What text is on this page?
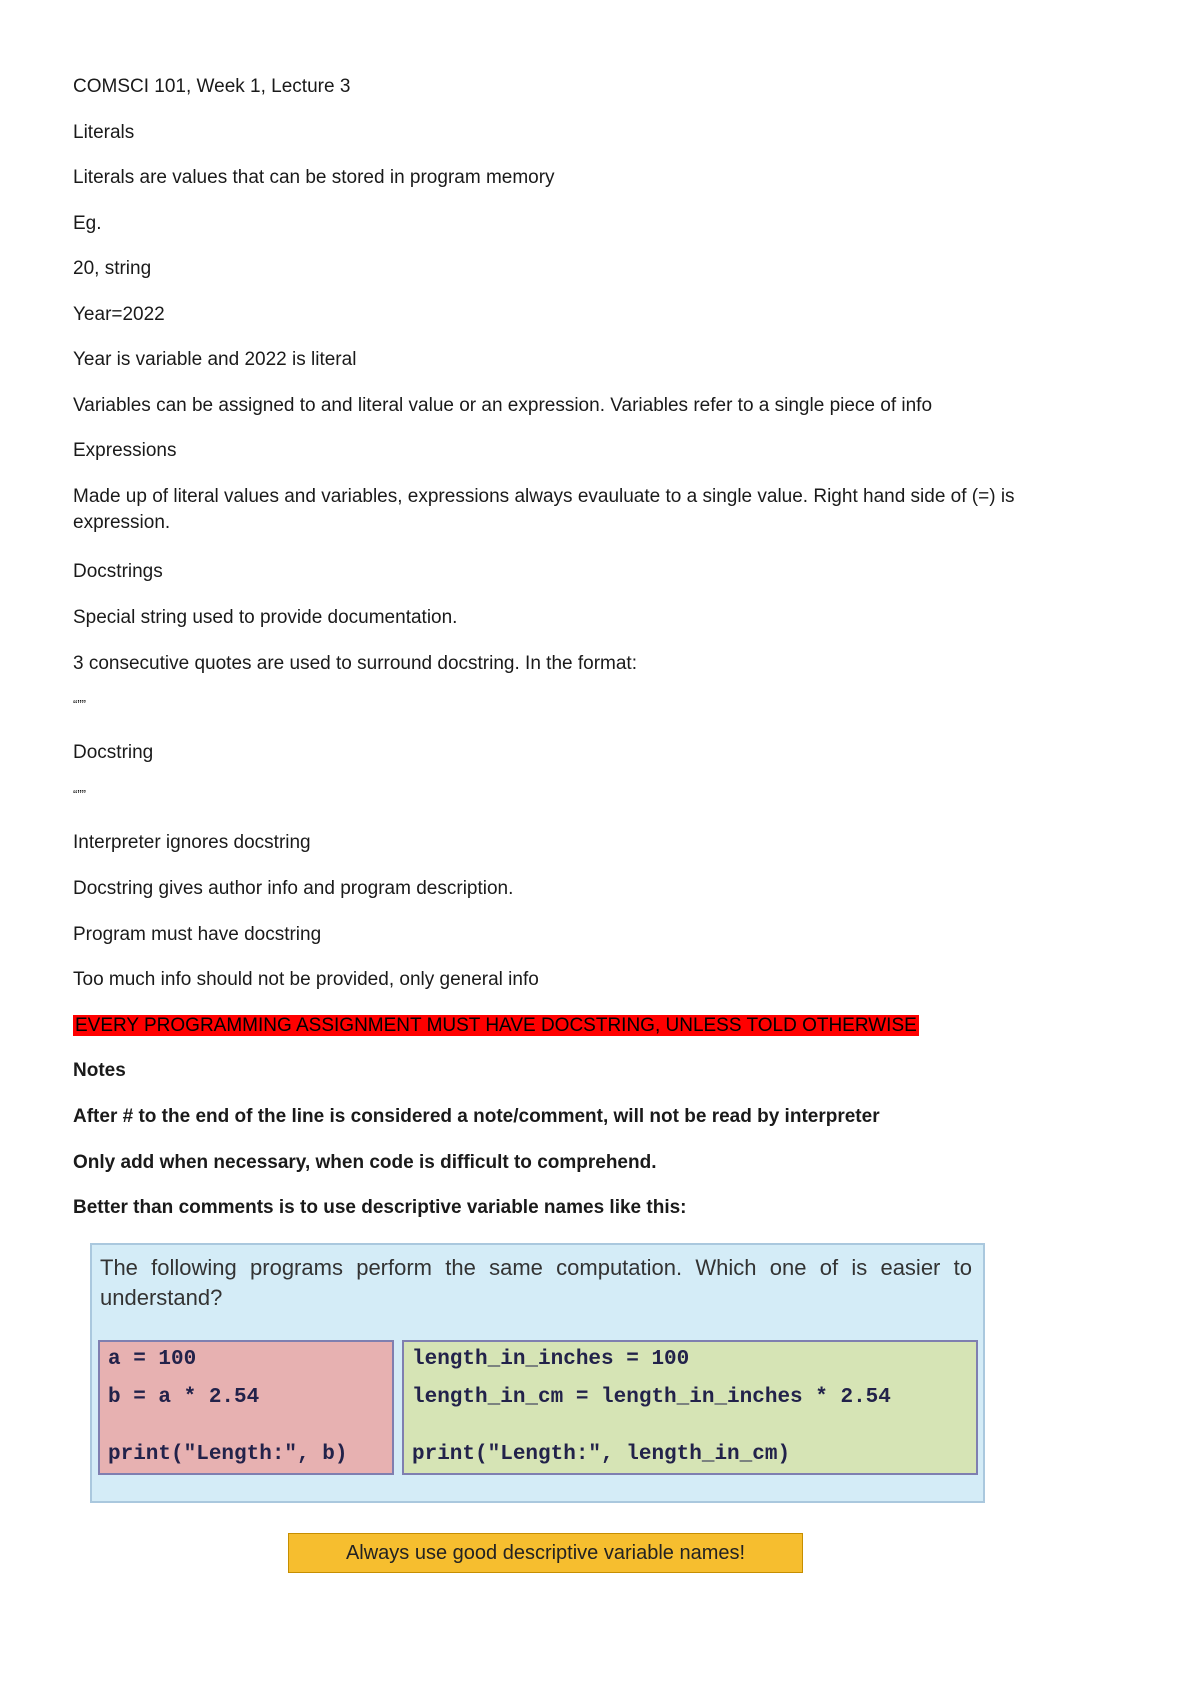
COMSCI 101, Week 1, Lecture 3
Literals
Literals are values that can be stored in program memory
Eg.
20, string
Year=2022
Year is variable and 2022 is literal
Variables can be assigned to and literal value or an expression. Variables refer to a single piece of info
Expressions
Made up of literal values and variables, expressions always evauluate to a single value. Right hand side of (=) is expression.
Docstrings
Special string used to provide documentation.
3 consecutive quotes are used to surround docstring. In the format:
“””
Docstring
“””
Interpreter ignores docstring
Docstring gives author info and program description.
Program must have docstring
Too much info should not be provided, only general info
EVERY PROGRAMMING ASSIGNMENT MUST HAVE DOCSTRING, UNLESS TOLD OTHERWISE
Notes
After # to the end of the line is considered a note/comment, will not be read by interpreter
Only add when necessary, when code is difficult to comprehend.
Better than comments is to use descriptive variable names like this:
The following programs perform the same computation. Which one of is easier to understand?
a = 100
b = a * 2.54
print("Length:", b)
length_in_inches = 100
length_in_cm = length_in_inches * 2.54
print("Length:", length_in_cm)
Always use good descriptive variable names!
